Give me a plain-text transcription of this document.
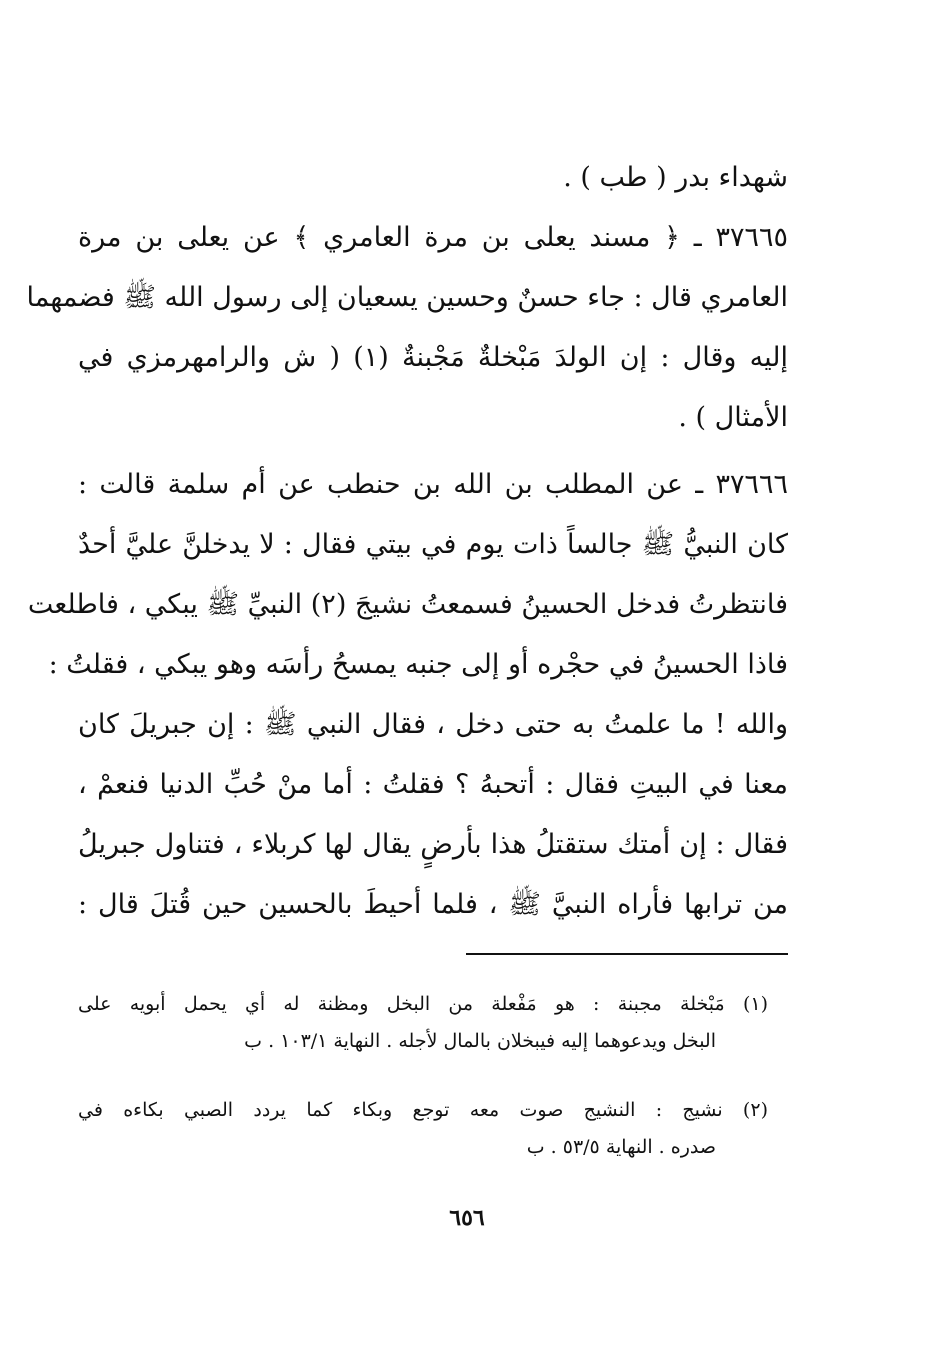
شهداء بدر ( طب ) .
٣٧٦٦٥ ـ ﴿ مسند يعلى بن مرة العامري ﴾ عن يعلى بن مرة
العامري قال : جاء حسنٌ وحسين يسعيان إلى رسول الله ﷺ فضمهما
إليه وقال : إن الولدَ مَبْخلةٌ مَجْبنةٌ (١) ( ش والرامهرمزي في
الأمثال ) .
٣٧٦٦٦ ـ عن المطلب بن الله بن حنطب عن أم سلمة قالت :
كان النبيُّ ﷺ جالساً ذات يوم في بيتي فقال : لا يدخلنَّ عليَّ أحدٌ
فانتظرتُ فدخل الحسينُ فسمعتُ نشيجَ (٢) النبيِّ ﷺ يبكي ، فاطلعت
فاذا الحسينُ في حجْره أو إلى جنبه يمسحُ رأسَه وهو يبكي ، فقلتُ :
والله ! ما علمتُ به حتى دخل ، فقال النبي ﷺ : إن جبريلَ كان
معنا في البيتِ فقال : أتحبهُ ؟ فقلتُ : أما منْ حُبِّ الدنيا فنعمْ ،
فقال : إن أمتك ستقتلُ هذا بأرضٍ يقال لها كربلاء ، فتناول جبريلُ
من ترابها فأراه النبيَّ ﷺ ، فلما أحيطَ بالحسين حين قُتلَ قال :
(١) مَبْخلة مجبنة : هو مَفْعلة من البخل ومظنة له أي يحمل أبويه على
البخل ويدعوهما إليه فيبخلان بالمال لأجله . النهاية ١٠٣/١ . ب
(٢) نشيج : النشيج صوت معه توجع وبكاء كما يردد الصبي بكاءه في
صدره . النهاية ٥٣/٥ . ب
٦٥٦
